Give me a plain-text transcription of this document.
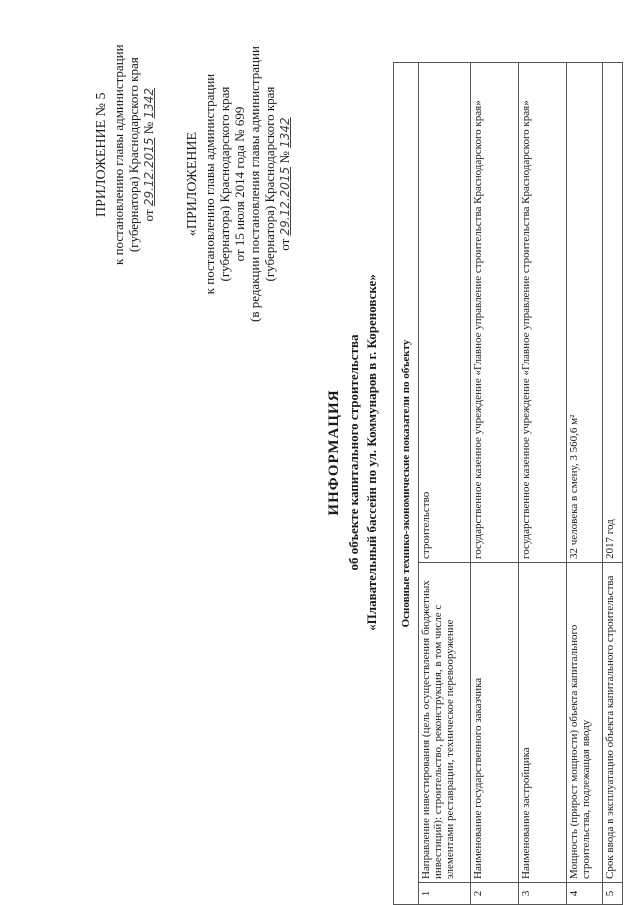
ПРИЛОЖЕНИЕ № 5 к постановлению главы администрации (губернатора) Краснодарского края от 29.12.2015 № 1342
«ПРИЛОЖЕНИЕ к постановлению главы администрации (губернатора) Краснодарского края от 15 июля 2014 года № 699 (в редакции постановления главы администрации (губернатора) Краснодарского края от 29.12.2015 № 1342
ИНФОРМАЦИЯ об объекте капитального строительства «Плавательный бассейн по ул. Коммунаров в г. Кореновске» Основные технико-экономические показатели по объекту		
1	Направление инвестирования (цель осуществления бюджетных инвестиций): строительство, реконструкция, в том числе с элементами реставрации, техническое перевооружение	строительство
2	Наименование государственного заказчика	государственное казенное учреждение «Главное управление строительства Краснодарского края»
3	Наименование застройщика	государственное казенное учреждение «Главное управление строительства Краснодарского края»
4	Мощность (прирост мощности) объекта капитального строительства, подлежащая вводу	32 человека в смену, 3 560,6 м²
5	Срок ввода в эксплуатацию объекта капитального строительства	2017 год
